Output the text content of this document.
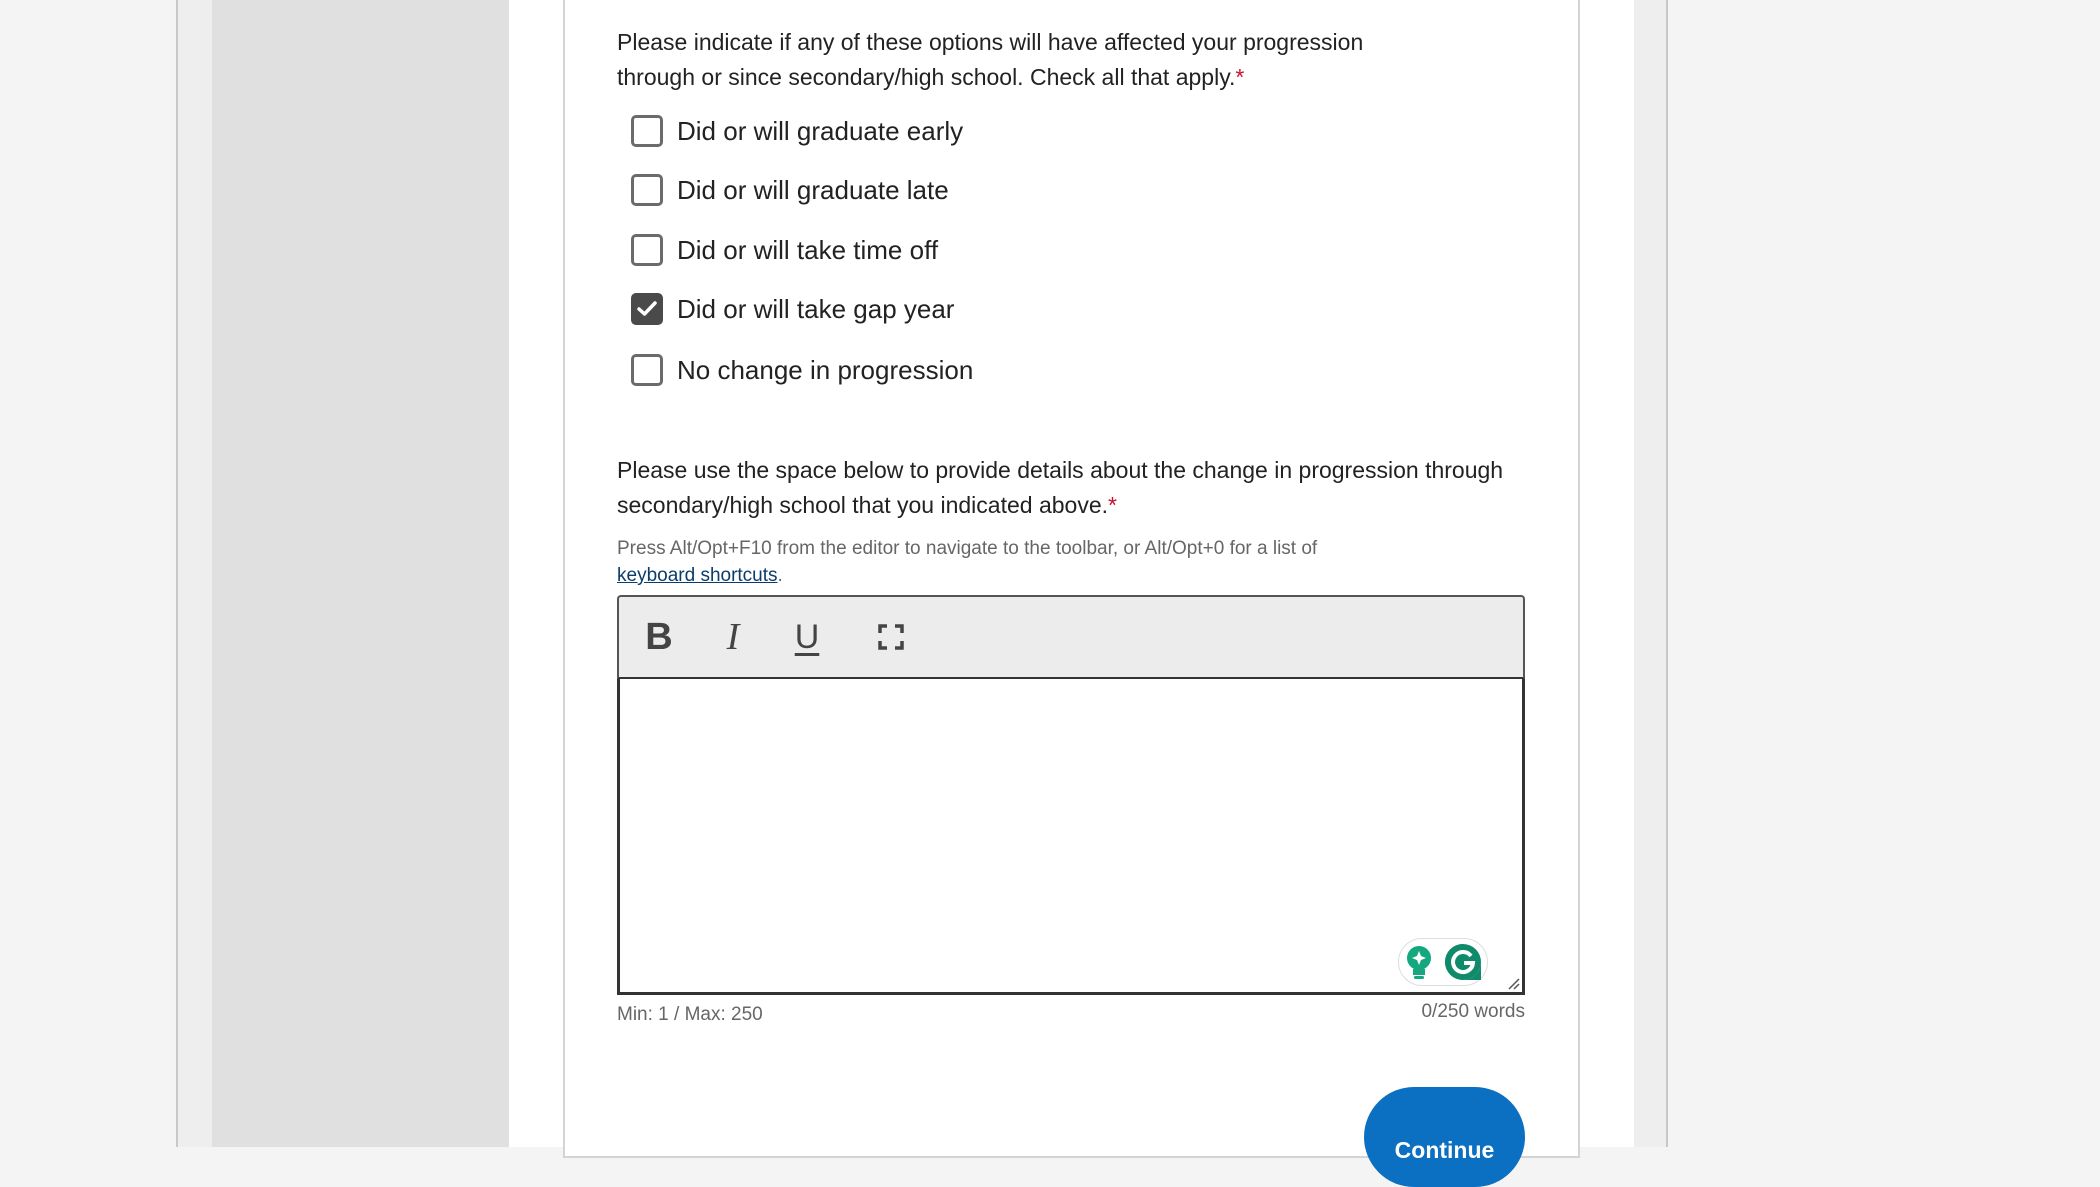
Please indicate if any of these options will have affected your progression through or since secondary/high school. Check all that apply.*
Did or will graduate early
Did or will graduate late
Did or will take time off
Did or will take gap year
No change in progression
Please use the space below to provide details about the change in progression through secondary/high school that you indicated above.*
Press Alt/Opt+F10 from the editor to navigate to the toolbar, or Alt/Opt+0 for a list of
keyboard shortcuts.
B I U
Min: 1 / Max: 250	0/250 words
Continue
